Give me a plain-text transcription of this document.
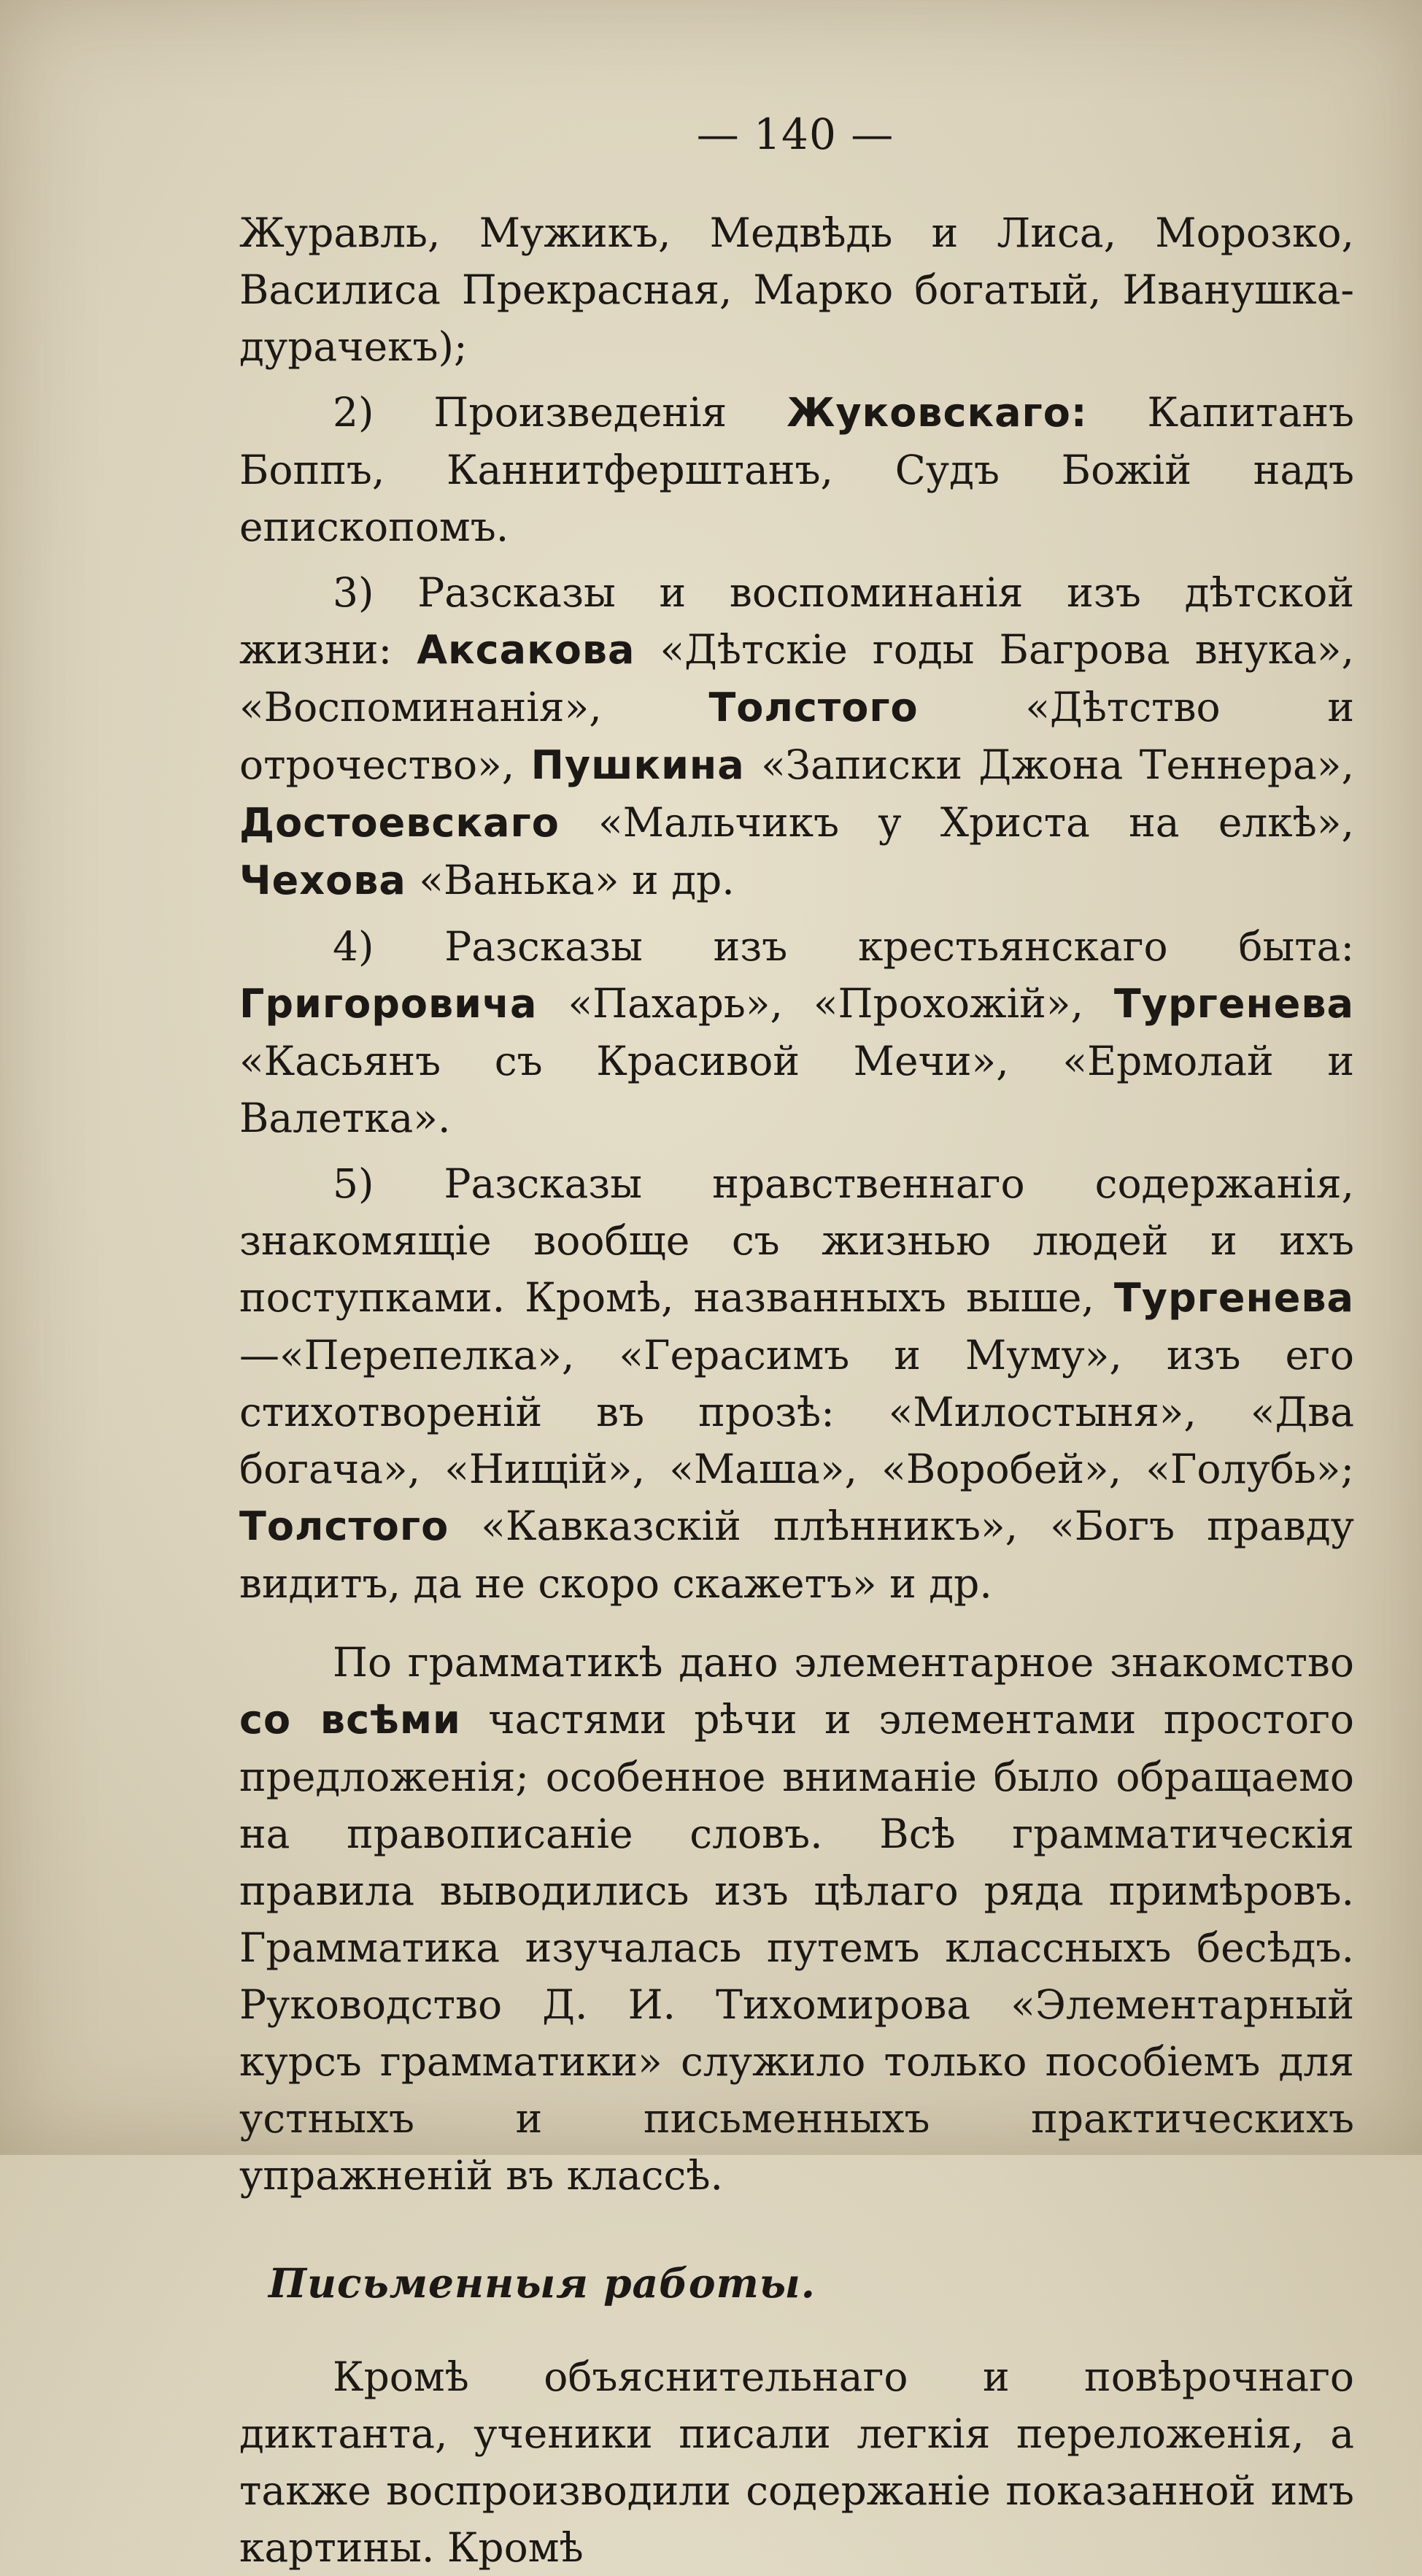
— 140 —

Журавль, Мужикъ, Медвѣдь и Лиса, Морозко, Василиса Прекрасная, Марко богатый, Иванушка-дурачекъ);

2) Произведенія Жуковскаго: Капитанъ Боппъ, Каннитферштанъ, Судъ Божій надъ епископомъ.

3) Разсказы и воспоминанія изъ дѣтской жизни: Аксакова «Дѣтскіе годы Багрова внука», «Воспоминанія», Толстого «Дѣтство и отрочество», Пушкина «Записки Джона Теннера», Достоевскаго «Мальчикъ у Христа на елкѣ», Чехова «Ванька» и др.

4) Разсказы изъ крестьянскаго быта: Григоровича «Пахарь», «Прохожій», Тургенева «Касьянъ съ Красивой Мечи», «Ермолай и Валетка».

5) Разсказы нравственнаго содержанія, знакомящіе вообще съ жизнью людей и ихъ поступками. Кромѣ, названныхъ выше, Тургенева—«Перепелка», «Герасимъ и Муму», изъ его стихотвореній въ прозѣ: «Милостыня», «Два богача», «Нищій», «Маша», «Воробей», «Голубь»; Толстого «Кавказскій плѣнникъ», «Богъ правду видитъ, да не скоро скажетъ» и др.

По грамматикѣ дано элементарное знакомство со всѣми частями рѣчи и элементами простого предложенія; особенное вниманіе было обращаемо на правописаніе словъ. Всѣ грамматическія правила выводились изъ цѣлаго ряда примѣровъ. Грамматика изучалась путемъ классныхъ бесѣдъ. Руководство Д. И. Тихомирова «Элементарный курсъ грамматики» служило только пособіемъ для устныхъ и письменныхъ практическихъ упражненій въ классѣ.

Письменныя работы.

Кромѣ объяснительнаго и повѣрочнаго диктанта, ученики писали легкія переложенія, а также воспроизводили содержаніе показанной имъ картины. Кромѣ
